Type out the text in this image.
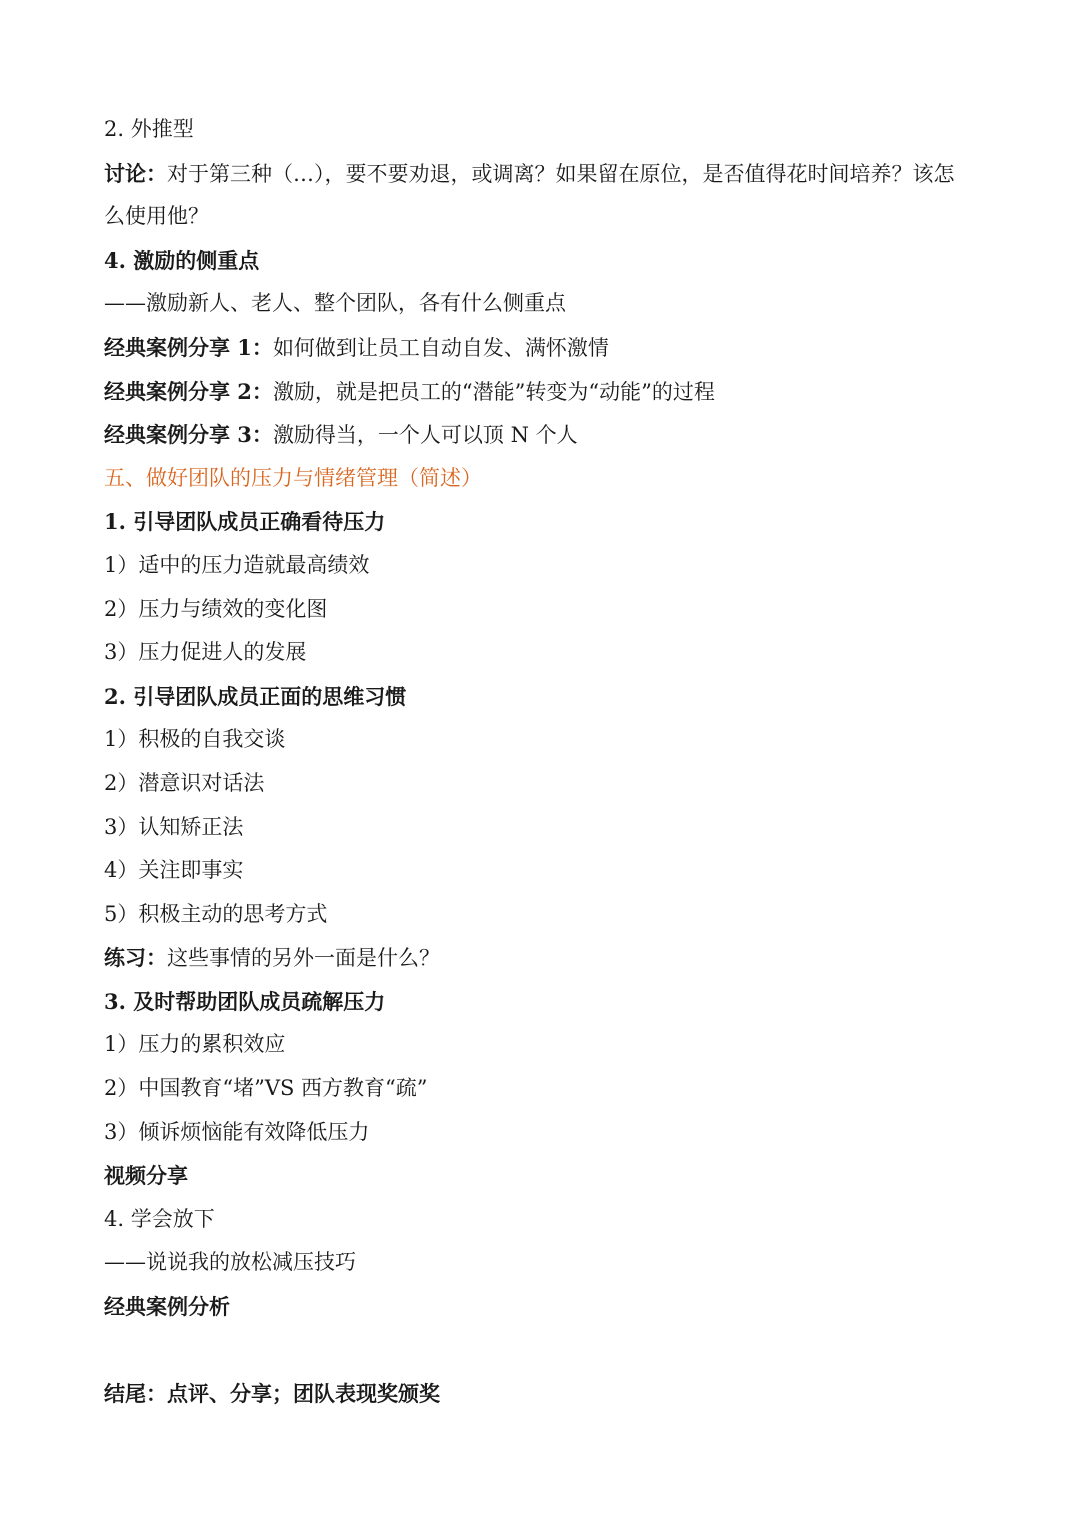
2. 外推型
讨论：对于第三种（…），要不要劝退，或调离？如果留在原位，是否值得花时间培养？该怎
么使用他？
4. 激励的侧重点
——激励新人、老人、整个团队，各有什么侧重点
经典案例分享 1：如何做到让员工自动自发、满怀激情
经典案例分享 2：激励，就是把员工的“潜能”转变为“动能”的过程
经典案例分享 3：激励得当，一个人可以顶 N 个人
五、做好团队的压力与情绪管理（简述）
1. 引导团队成员正确看待压力
1）适中的压力造就最高绩效
2）压力与绩效的变化图
3）压力促进人的发展
2. 引导团队成员正面的思维习惯
1）积极的自我交谈
2）潜意识对话法
3）认知矫正法
4）关注即事实
5）积极主动的思考方式
练习：这些事情的另外一面是什么？
3. 及时帮助团队成员疏解压力
1）压力的累积效应
2）中国教育“堵”VS 西方教育“疏”
3）倾诉烦恼能有效降低压力
视频分享
4. 学会放下
——说说我的放松减压技巧
经典案例分析
结尾：点评、分享；团队表现奖颁奖
